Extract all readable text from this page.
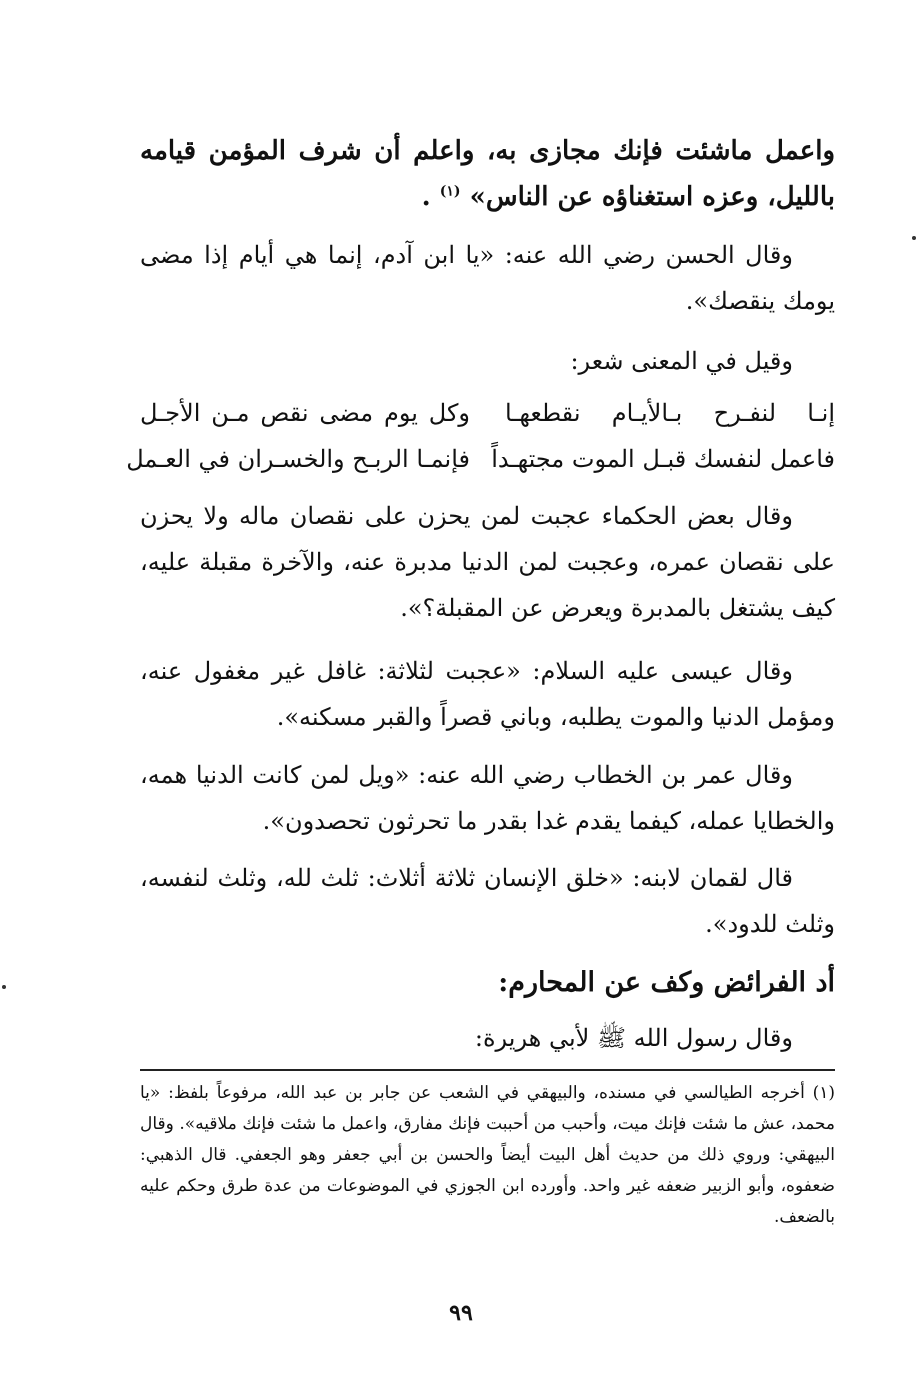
واعمل ماشئت فإنك مجازى به، واعلم أن شرف المؤمن قيامه بالليل، وعزه استغناؤه عن الناس» $^{(١)}$ .
وقال الحسن رضي الله عنه: «يا ابن آدم، إنما هي أيام إذا مضى يومك ينقصك».
وقيل في المعنى شعر:
إنـا لنفـرح بـالأيـام نقطعهـا
وكل يوم مضى نقص مـن الأجـل
فاعمل لنفسك قبـل الموت مجتهـداً
فإنمـا الربـح والخسـران في العـمل
وقال بعض الحكماء عجبت لمن يحزن على نقصان ماله ولا يحزن على نقصان عمره، وعجبت لمن الدنيا مدبرة عنه، والآخرة مقبلة عليه، كيف يشتغل بالمدبرة ويعرض عن المقبلة؟».
وقال عيسى عليه السلام: «عجبت لثلاثة: غافل غير مغفول عنه، ومؤمل الدنيا والموت يطلبه، وباني قصراً والقبر مسكنه».
وقال عمر بن الخطاب رضي الله عنه: «ويل لمن كانت الدنيا همه، والخطايا عمله، كيفما يقدم غدا بقدر ما تحرثون تحصدون».
قال لقمان لابنه: «خلق الإنسان ثلاثة أثلاث: ثلث لله، وثلث لنفسه، وثلث للدود».
أد الفرائض وكف عن المحارم:
وقال رسول الله ﷺ لأبي هريرة:
(١) أخرجه الطيالسي في مسنده، والبيهقي في الشعب عن جابر بن عبد الله، مرفوعاً بلفظ: «يا محمد، عش ما شئت فإنك ميت، وأحبب من أحببت فإنك مفارق، واعمل ما شئت فإنك ملاقيه». وقال البيهقي: وروي ذلك من حديث أهل البيت أيضاً والحسن بن أبي جعفر وهو الجعفي. قال الذهبي: ضعفوه، وأبو الزبير ضعفه غير واحد. وأورده ابن الجوزي في الموضوعات من عدة طرق وحكم عليه بالضعف.
٩٩
